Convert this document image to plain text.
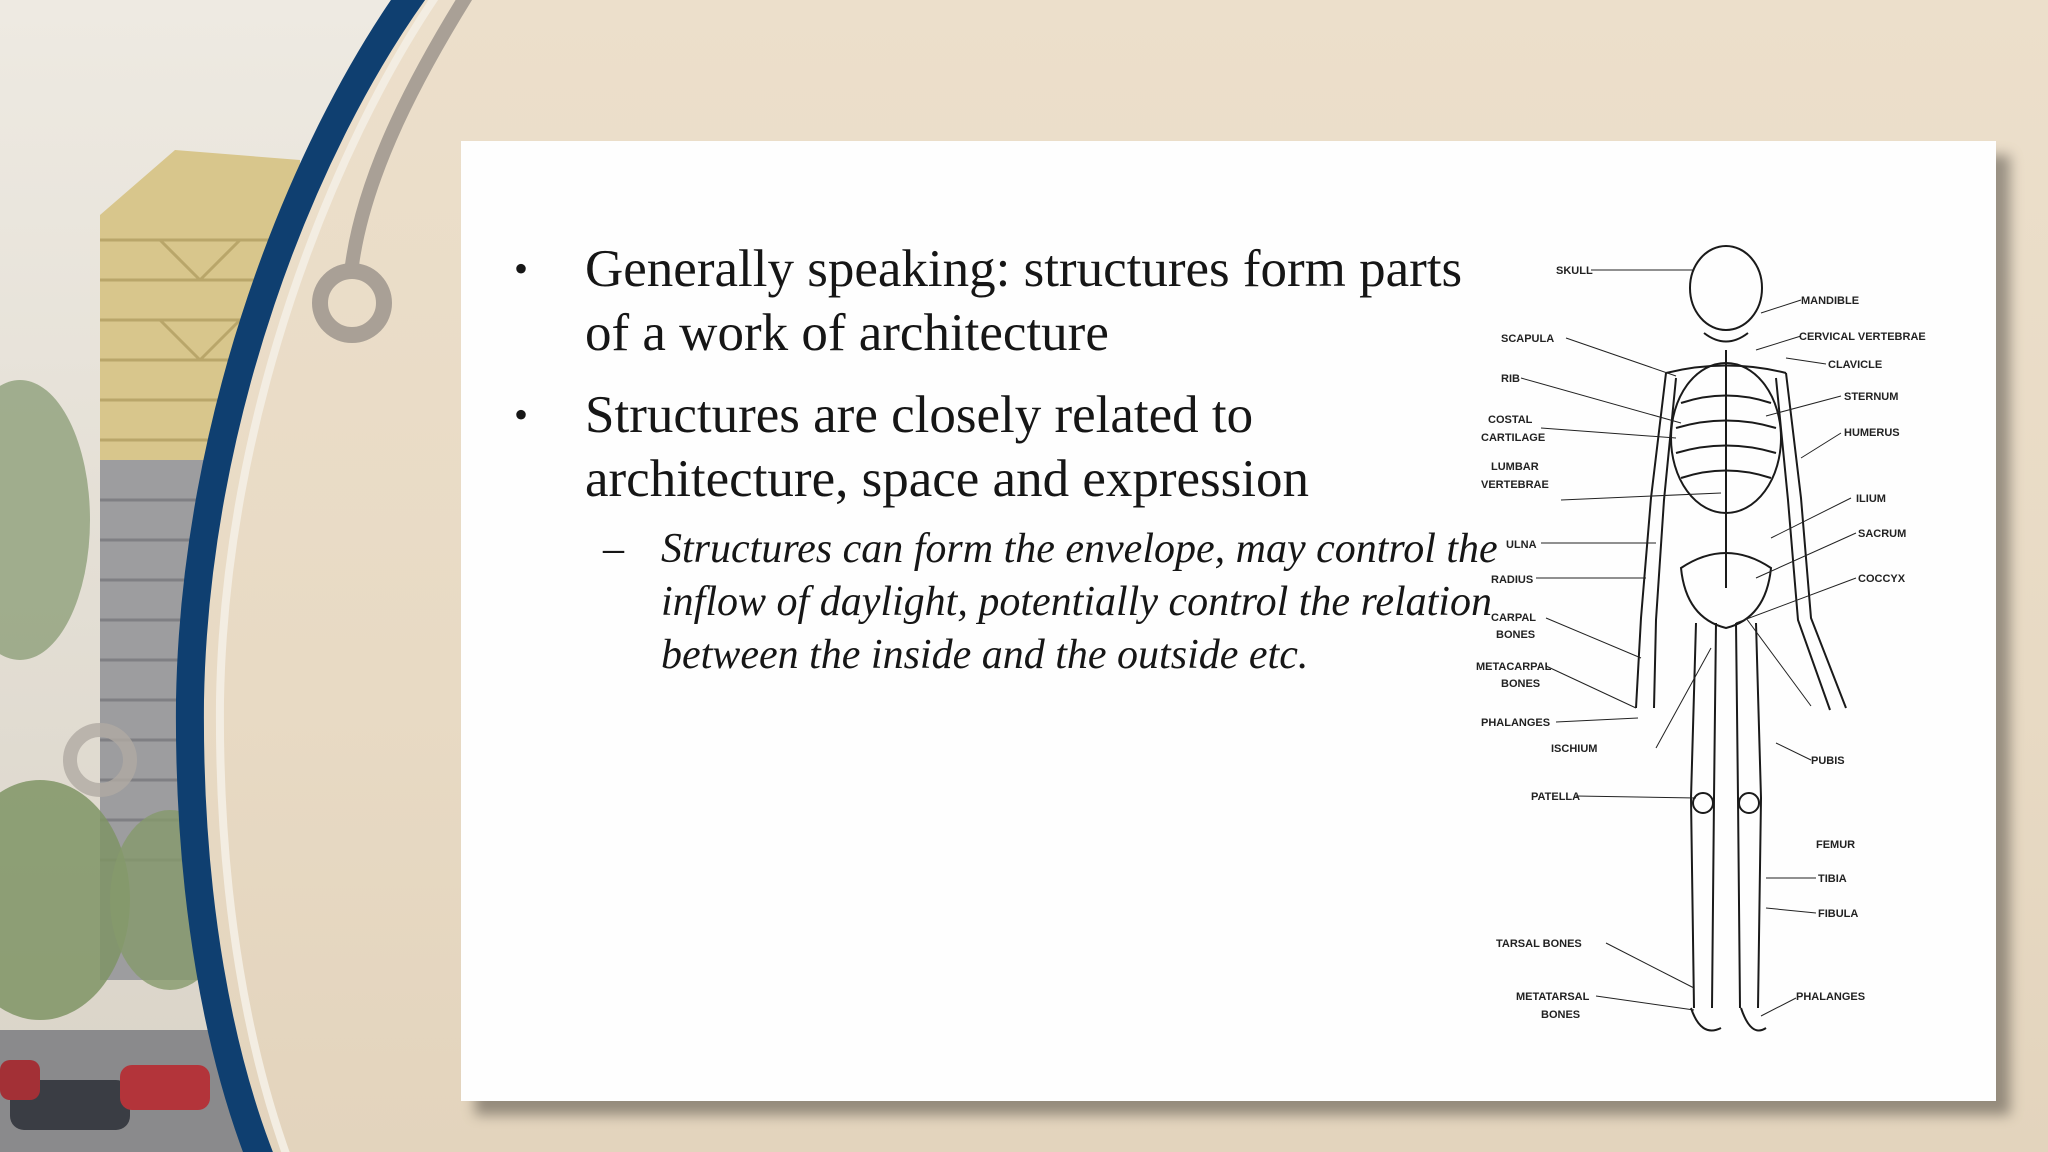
• Generally speaking: structures form parts of a work of architecture
• Structures are closely related to architecture, space and expression
– Structures can form the envelope, may control the inflow of daylight, potentially control the relation between the inside and the outside etc.
SKULL
MANDIBLE
CERVICAL VERTEBRAE
SCAPULA
CLAVICLE
RIB
STERNUM
COSTAL
CARTILAGE	HUMERUS
LUMBAR
VERTEBRAE
ILIUM
ULNA
SACRUM
RADIUS	COCCYX
CARPAL
BONES
METACARPAL
BONES
PUBIS
PHALANGES
ISCHIUM
FEMUR
PATELLA
TIBIA
FIBULA
TARSAL BONES
METATARSAL
BONES
PHALANGES
